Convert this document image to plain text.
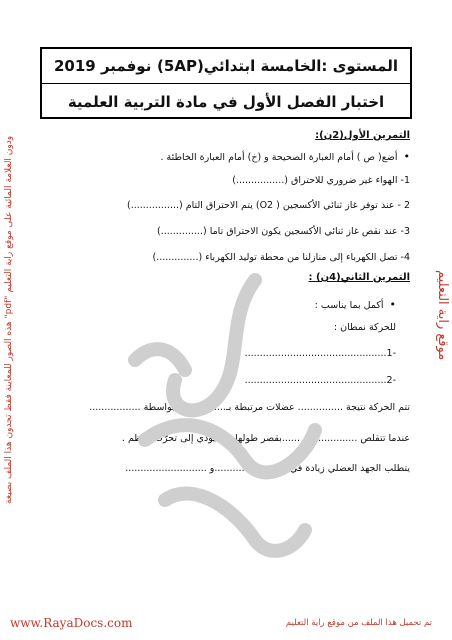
هذه الصور للمعاينة فقط تجدون هذا الملف بصيغة "pdf" ودون العلامة المائية على موقع راية التعليم
موقع راية التعليم
المستوى :الخامسة ابتدائي(5AP)
نوفمبر 2019
اختبار الفصل الأول في مادة التربية العلمية
التمرين الأول(2ن):
• أضع( ص ) أمام العبارة الصحيحة و (خ) أمام العبارة الخاطئة .
1- الهواء غير ضروري للاحتراق (................)
2 - عند توفر غاز ثنائي الأكسجين ( O2) يتم الاحتراق التام (................)
3- عند نقص غاز ثنائي الأكسجين يكون الاحتراق تاما (..............)
4- تصل الكهرباء إلى منازلنا من محطة توليد الكهرباء (..............)
التمرين الثاني(4ن) :
• أكمل بما يناسب :
للحركة نمطان :
-1...............................................
-2...............................................
تتم الحركة نتيجة ............... عضلات مرتبطة بـ................ بواسطة .................
عندما تتقلص .................. ......بقصر طولها ممّا يؤدي إلى تحرّك العظم .
يتطلب الجهد العضلي زيادة في ........................و ...........................
www.RayaDocs.com	تم تحميل هذا الملف من موقع راية التعليم
